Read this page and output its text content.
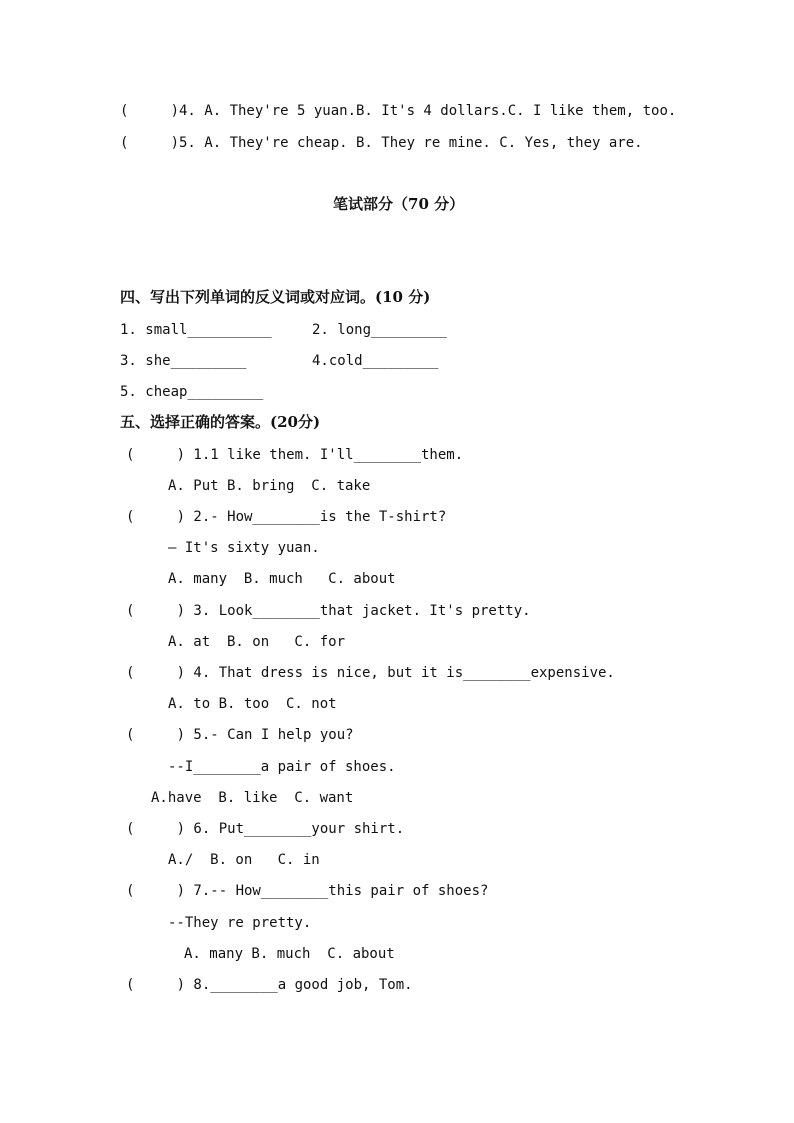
(     )4. A. They're 5 yuan.B. It's 4 dollars.C. I like them, too.
(     )5. A. They're cheap. B. They re mine. C. Yes, they are.
笔试部分（70 分）
四、写出下列单词的反义词或对应词。(10 分)
1. small__________	2. long_________
3. she_________	4.cold_________
5. cheap_________
五、选择正确的答案。(20分)
(     ) 1.1 like them. I'll________them.
A. Put B. bring  C. take
(     ) 2.- How________is the T-shirt?
— It's sixty yuan.
A. many  B. much   C. about
(     ) 3. Look________that jacket. It's pretty.
A. at  B. on   C. for
(     ) 4. That dress is nice, but it is________expensive.
A. to B. too  C. not
(     ) 5.- Can I help you?
--I________a pair of shoes.
A.have  B. like  C. want
(     ) 6. Put________your shirt.
A./  B. on   C. in
(     ) 7.-- How________this pair of shoes?
--They re pretty.
A. many B. much  C. about
(     ) 8.________a good job, Tom.
